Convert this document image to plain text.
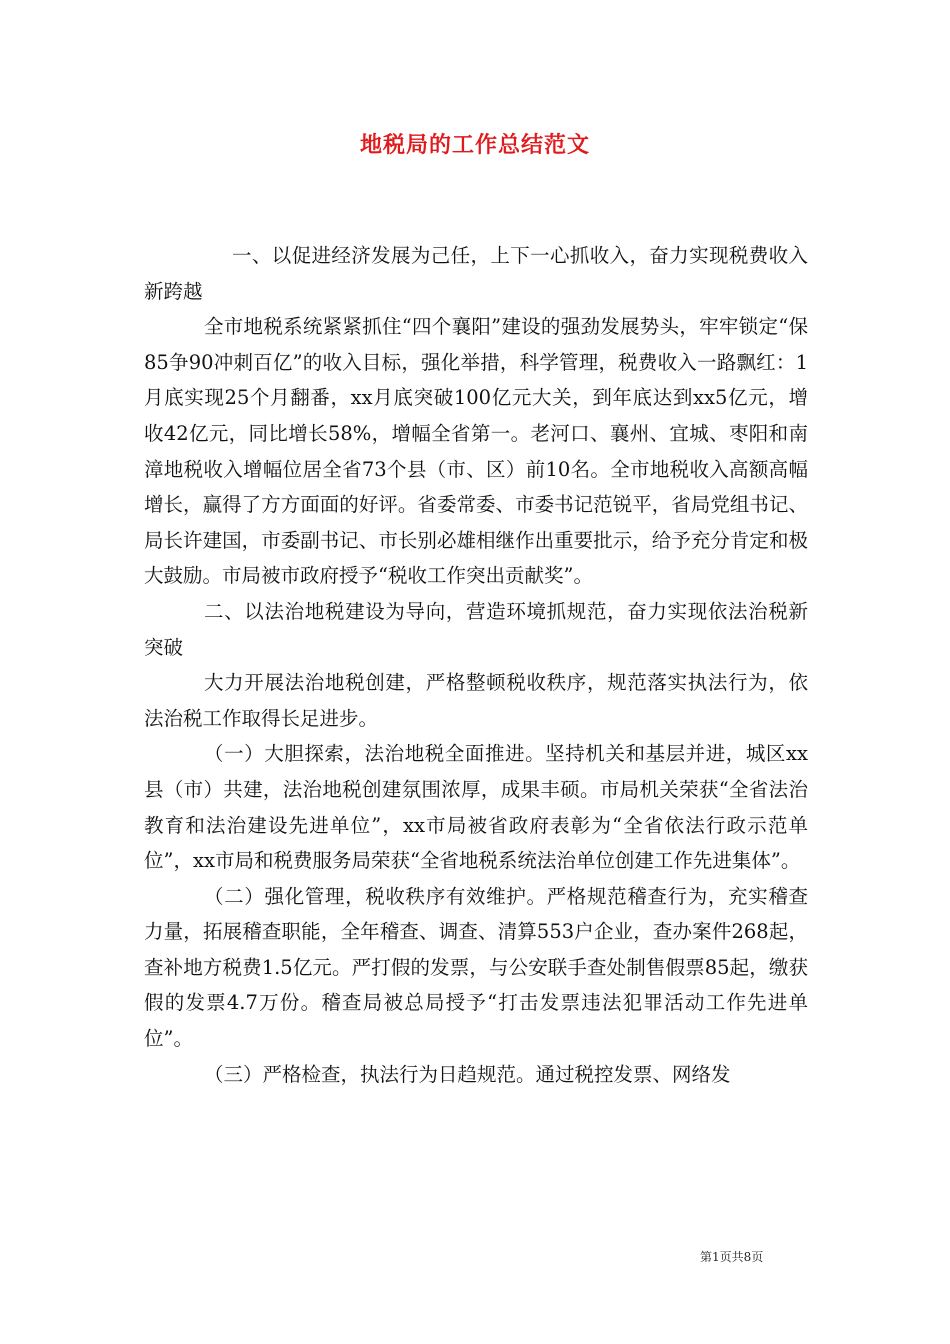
地税局的工作总结范文

一、以促进经济发展为己任，上下一心抓收入，奋力实现税费收入新跨越

全市地税系统紧紧抓住“四个襄阳”建设的强劲发展势头，牢牢锁定“保85争90冲刺百亿”的收入目标，强化举措，科学管理，税费收入一路飘红：1月底实现25个月翻番，xx月底突破100亿元大关，到年底达到xx5亿元，增收42亿元，同比增长58%，增幅全省第一。老河口、襄州、宜城、枣阳和南漳地税收入增幅位居全省73个县（市、区）前10名。全市地税收入高额高幅增长，赢得了方方面面的好评。省委常委、市委书记范锐平，省局党组书记、局长许建国，市委副书记、市长别必雄相继作出重要批示，给予充分肯定和极大鼓励。市局被市政府授予“税收工作突出贡献奖”。

二、以法治地税建设为导向，营造环境抓规范，奋力实现依法治税新突破

大力开展法治地税创建，严格整顿税收秩序，规范落实执法行为，依法治税工作取得长足进步。

（一）大胆探索，法治地税全面推进。坚持机关和基层并进，城区xx县（市）共建，法治地税创建氛围浓厚，成果丰硕。市局机关荣获“全省法治教育和法治建设先进单位”，xx市局被省政府表彰为“全省依法行政示范单位”，xx市局和税费服务局荣获“全省地税系统法治单位创建工作先进集体”。

（二）强化管理，税收秩序有效维护。严格规范稽查行为，充实稽查力量，拓展稽查职能，全年稽查、调查、清算553户企业，查办案件268起，查补地方税费1.5亿元。严打假的发票，与公安联手查处制售假票85起，缴获假的发票4.7万份。稽查局被总局授予“打击发票违法犯罪活动工作先进单位”。

（三）严格检查，执法行为日趋规范。通过税控发票、网络发

第1页共8页
